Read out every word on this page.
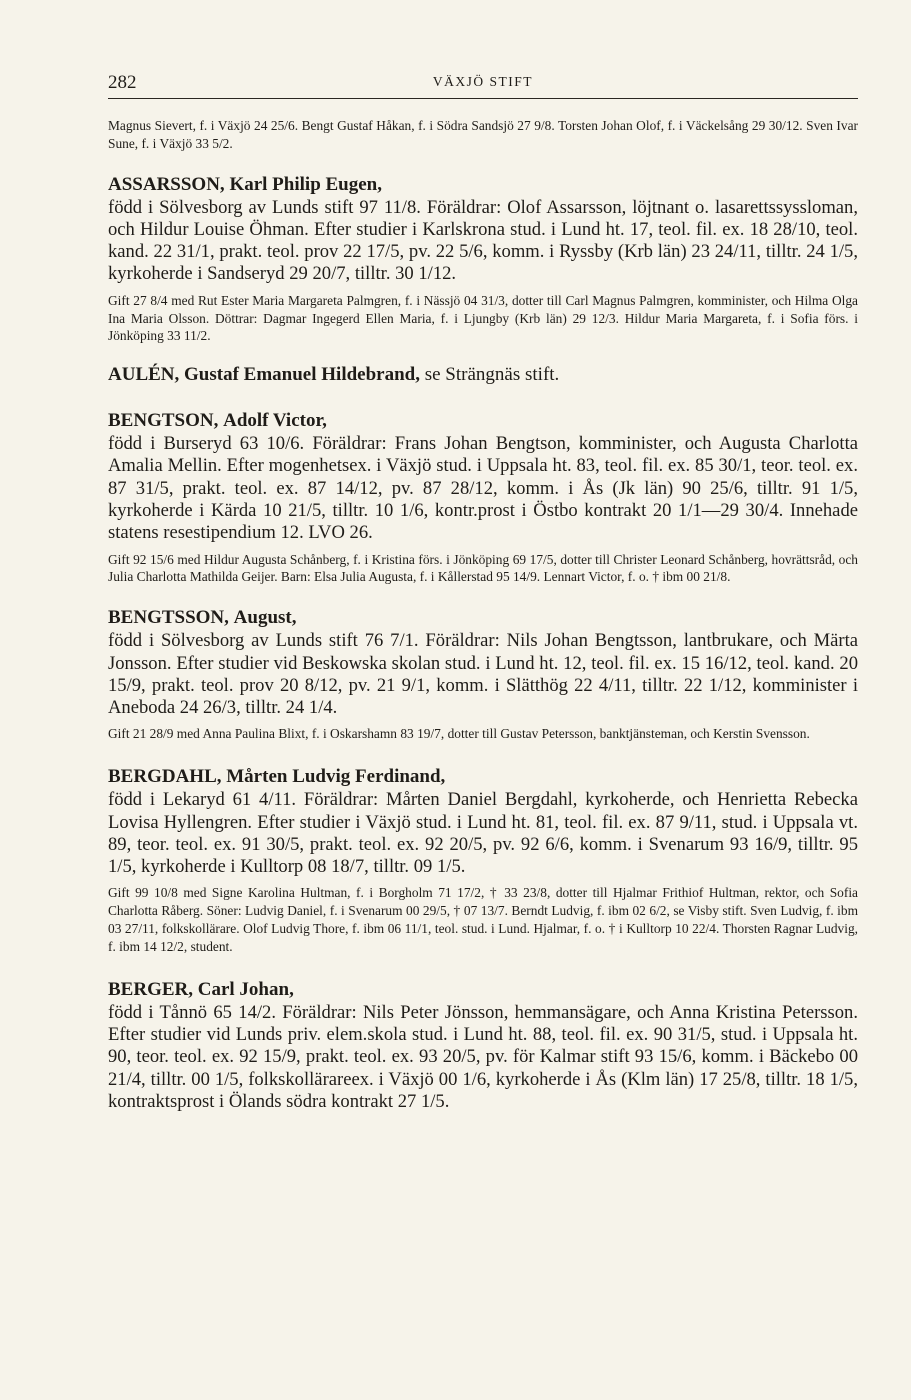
282	VÄXJÖ STIFT

Magnus Sievert, f. i Växjö 24 25/6. Bengt Gustaf Håkan, f. i Södra Sandsjö 27 9/8. Torsten Johan Olof, f. i Väckelsång 29 30/12. Sven Ivar Sune, f. i Växjö 33 5/2.

ASSARSSON, Karl Philip Eugen,

född i Sölvesborg av Lunds stift 97 11/8. Föräldrar: Olof Assarsson, löjtnant o. lasarettssyssloman, och Hildur Louise Öhman. Efter studier i Karlskrona stud. i Lund ht. 17, teol. fil. ex. 18 28/10, teol. kand. 22 31/1, prakt. teol. prov 22 17/5, pv. 22 5/6, komm. i Ryssby (Krb län) 23 24/11, tilltr. 24 1/5, kyrkoherde i Sandseryd 29 20/7, tilltr. 30 1/12.

Gift 27 8/4 med Rut Ester Maria Margareta Palmgren, f. i Nässjö 04 31/3, dotter till Carl Magnus Palmgren, komminister, och Hilma Olga Ina Maria Olsson. Döttrar: Dagmar Ingegerd Ellen Maria, f. i Ljungby (Krb län) 29 12/3. Hildur Maria Margareta, f. i Sofia förs. i Jönköping 33 11/2.

AULÉN, Gustaf Emanuel Hildebrand, se Strängnäs stift.

BENGTSON, Adolf Victor,

född i Burseryd 63 10/6. Föräldrar: Frans Johan Bengtson, komminister, och Augusta Charlotta Amalia Mellin. Efter mogenhetsex. i Växjö stud. i Uppsala ht. 83, teol. fil. ex. 85 30/1, teor. teol. ex. 87 31/5, prakt. teol. ex. 87 14/12, pv. 87 28/12, komm. i Ås (Jk län) 90 25/6, tilltr. 91 1/5, kyrkoherde i Kärda 10 21/5, tilltr. 10 1/6, kontr.prost i Östbo kontrakt 20 1/1—29 30/4. Innehade statens resestipendium 12. LVO 26.

Gift 92 15/6 med Hildur Augusta Schånberg, f. i Kristina förs. i Jönköping 69 17/5, dotter till Christer Leonard Schånberg, hovrättsråd, och Julia Charlotta Mathilda Geijer. Barn: Elsa Julia Augusta, f. i Kållerstad 95 14/9. Lennart Victor, f. o. † ibm 00 21/8.

BENGTSSON, August,

född i Sölvesborg av Lunds stift 76 7/1. Föräldrar: Nils Johan Bengtsson, lantbrukare, och Märta Jonsson. Efter studier vid Beskowska skolan stud. i Lund ht. 12, teol. fil. ex. 15 16/12, teol. kand. 20 15/9, prakt. teol. prov 20 8/12, pv. 21 9/1, komm. i Slätthög 22 4/11, tilltr. 22 1/12, komminister i Aneboda 24 26/3, tilltr. 24 1/4.

Gift 21 28/9 med Anna Paulina Blixt, f. i Oskarshamn 83 19/7, dotter till Gustav Petersson, banktjänsteman, och Kerstin Svensson.

BERGDAHL, Mårten Ludvig Ferdinand,

född i Lekaryd 61 4/11. Föräldrar: Mårten Daniel Bergdahl, kyrkoherde, och Henrietta Rebecka Lovisa Hyllengren. Efter studier i Växjö stud. i Lund ht. 81, teol. fil. ex. 87 9/11, stud. i Uppsala vt. 89, teor. teol. ex. 91 30/5, prakt. teol. ex. 92 20/5, pv. 92 6/6, komm. i Svenarum 93 16/9, tilltr. 95 1/5, kyrkoherde i Kulltorp 08 18/7, tilltr. 09 1/5.

Gift 99 10/8 med Signe Karolina Hultman, f. i Borgholm 71 17/2, † 33 23/8, dotter till Hjalmar Frithiof Hultman, rektor, och Sofia Charlotta Råberg. Söner: Ludvig Daniel, f. i Svenarum 00 29/5, † 07 13/7. Berndt Ludvig, f. ibm 02 6/2, se Visby stift. Sven Ludvig, f. ibm 03 27/11, folkskollärare. Olof Ludvig Thore, f. ibm 06 11/1, teol. stud. i Lund. Hjalmar, f. o. † i Kulltorp 10 22/4. Thorsten Ragnar Ludvig, f. ibm 14 12/2, student.

BERGER, Carl Johan,

född i Tånnö 65 14/2. Föräldrar: Nils Peter Jönsson, hemmansägare, och Anna Kristina Petersson. Efter studier vid Lunds priv. elem.skola stud. i Lund ht. 88, teol. fil. ex. 90 31/5, stud. i Uppsala ht. 90, teor. teol. ex. 92 15/9, prakt. teol. ex. 93 20/5, pv. för Kalmar stift 93 15/6, komm. i Bäckebo 00 21/4, tilltr. 00 1/5, folkskollärareex. i Växjö 00 1/6, kyrkoherde i Ås (Klm län) 17 25/8, tilltr. 18 1/5, kontraktsprost i Ölands södra kontrakt 27 1/5.
